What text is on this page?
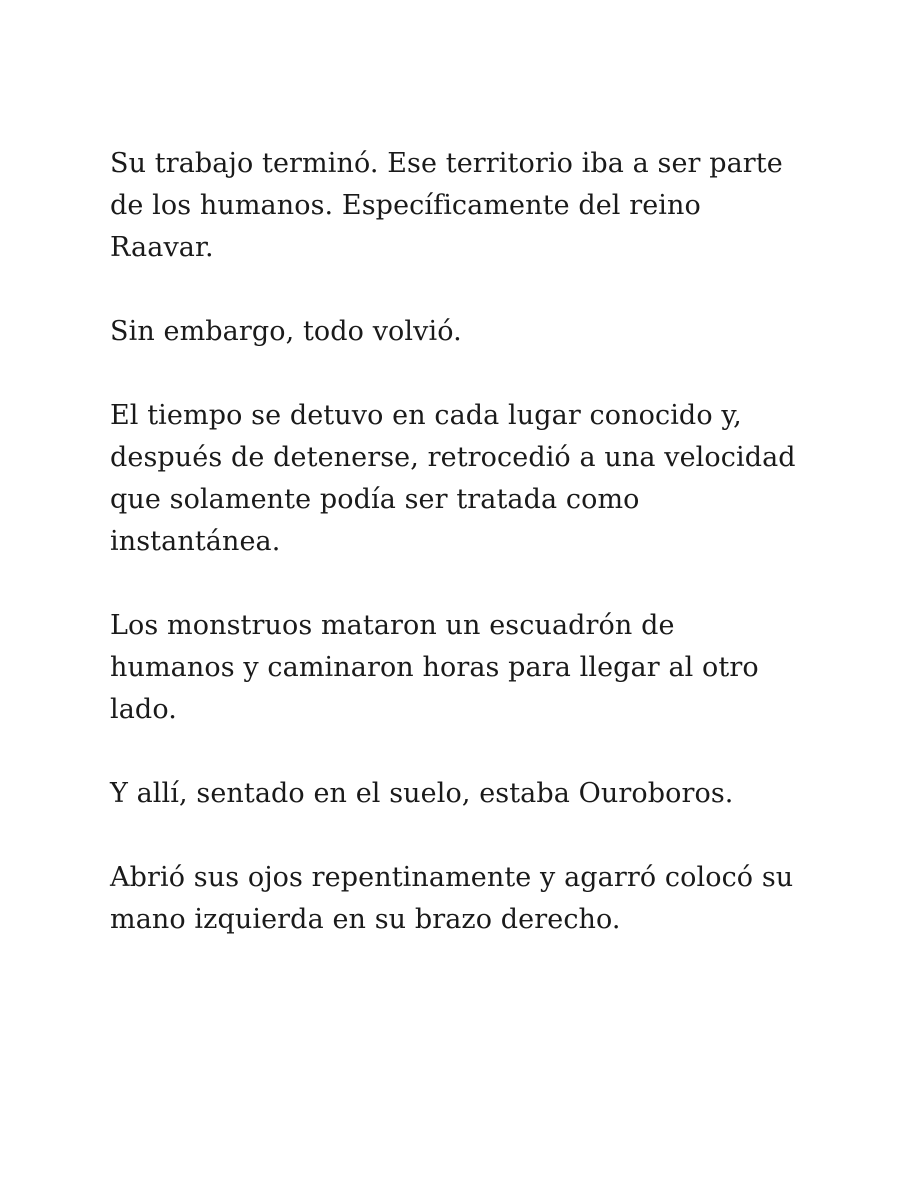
Su trabajo terminó. Ese territorio iba a ser parte de los humanos. Específicamente del reino Raavar.

Sin embargo, todo volvió.

El tiempo se detuvo en cada lugar conocido y, después de detenerse, retrocedió a una velocidad que solamente podía ser tratada como instantánea.

Los monstruos mataron un escuadrón de humanos y caminaron horas para llegar al otro lado.

Y allí, sentado en el suelo, estaba Ouroboros.

Abrió sus ojos repentinamente y agarró colocó su mano izquierda en su brazo derecho.
